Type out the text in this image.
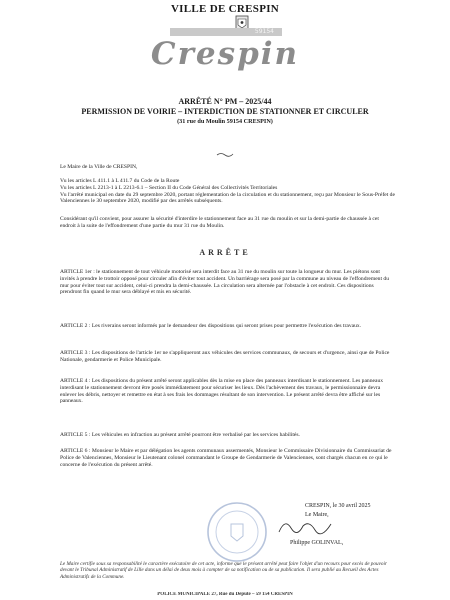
VILLE DE CRESPIN
59154
Crespin
ARRÊTÉ N° PM – 2025/44
PERMISSION DE VOIRIE – INTERDICTION DE STATIONNER ET CIRCULER
(31 rue du Moulin 59154 CRESPIN)
Le Maire de la Ville de CRESPIN,
Vu les articles L 411.1 à L 411.7 du Code de la Route
Vu les articles L 2213-1 à L 2213-6.1 – Section II du Code Général des Collectivités Territoriales
Vu l'arrêté municipal en date du 29 septembre 2020, portant réglementation de la circulation et du stationnement, reçu par Monsieur le Sous-Préfet de Valenciennes le 30 septembre 2020, modifié par des arrêtés subséquents.
Considérant qu'il convient, pour assurer la sécurité d'interdire le stationnement face au 31 rue du moulin et sur la demi-partie de chaussée à cet endroit à la suite de l'effondrement d'une partie du mur 31 rue du Moulin.
ARRÊTE
ARTICLE 1er : le stationnement de tout véhicule motorisé sera interdit face au 31 rue du moulin sur toute la longueur du mur. Les piétons sont invités à prendre le trottoir opposé pour circuler afin d'éviter tout accident. Un barriérage sera posé par la commune au niveau de l'effondrement du mur pour éviter tout sur accident, celui-ci prendra la demi-chaussée. La circulation sera alternée par l'obstacle à cet endroit. Ces dispositions prendront fin quand le mur sera déblayé et mis en sécurité.
ARTICLE 2 : Les riverains seront informés par le demandeur des dispositions qui seront prises pour permettre l'exécution des travaux.
ARTICLE 3 : Les dispositions de l'article 1er ne s'appliqueront aux véhicules des services communaux, de secours et d'urgence, ainsi que de Police Nationale, gendarmerie et Police Municipale.
ARTICLE 4 : Les dispositions du présent arrêté seront applicables dès la mise en place des panneaux interdisant le stationnement. Les panneaux interdisant le stationnement devront être posés immédiatement pour sécuriser les lieux. Dès l'achèvement des travaux, le permissionnaire devra enlever les débris, nettoyer et remettre en état à ses frais les dommages résultant de son intervention. Le présent arrêté devra être affiché sur les panneaux.
ARTICLE 5 : Les véhicules en infraction au présent arrêté pourront être verbalisé par les services habilités.
ARTICLE 6 : Monsieur le Maire et par délégation les agents communaux assermentés, Monsieur le Commissaire Divisionnaire du Commissariat de Police de Valenciennes, Monsieur le Lieutenant colonel commandant le Groupe de Gendarmerie de Valenciennes, sont chargés chacun en ce qui le concerne de l'exécution du présent arrêté.
CRESPIN, le 30 avril 2025
Le Maire,
Philippe GOLINVAL,
Le Maire certifie sous sa responsabilité le caractère exécutoire de cet acte, informe que le présent arrêté peut faire l'objet d'un recours pour excès de pouvoir devant le Tribunal Administratif de Lille dans un délai de deux mois à compter de sa notification ou de sa publication. Il sera publié au Recueil des Actes Administratifs de la Commune.
POLICE MUNICIPALE 27, Rue du Député – 59 154 CRESPIN
